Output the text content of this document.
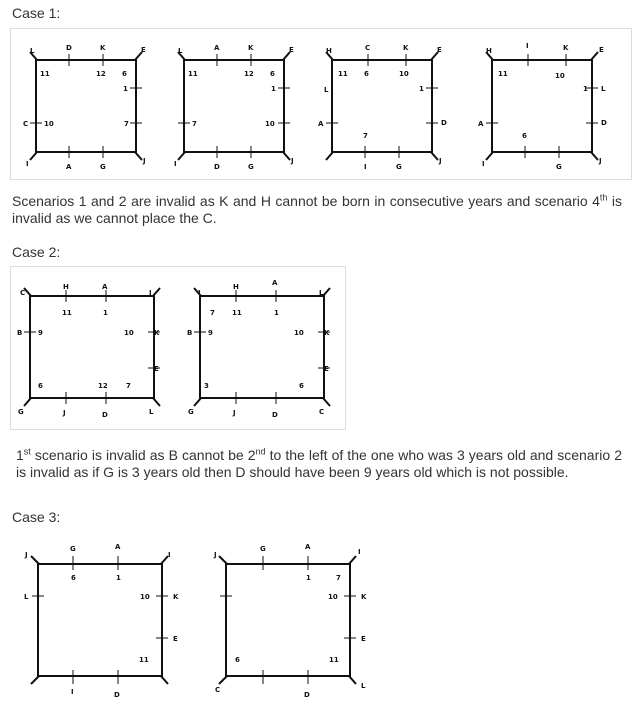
Case 1:
L	D	K	E
11	12 6
1
C 10	7
I	A	G
J
L	A	K	E
11	12 6
1
7	10
I	D	G
J
H	C	K	E
11 6	10
1
L
A
7
D
I	G
J
H
I	K	E
11	10
1 L
A
6
D
I	G
J
Scenarios 1 and 2 are invalid as K and H cannot be born in consecutive years and scenario 4th is invalid as we cannot place the C.
Case 2:
C
H	A
I
11	1
B 9	10	K
E
6	12	7
G	J	D	L
I
H	A
L
7 11	1
B 9	10	K
E
3	6
G	J	D	C
1st scenario is invalid as B cannot be 2nd to the left of the one who was 3 years old and scenario 2 is invalid as if G is 3 years old then D should have been 9 years old which is not possible.
Case 3:
J
G	A
I
6	1
L	10	K
E
11
I	D
J
G	A
I
1	7
10	K
E
6	11
C
D
L
